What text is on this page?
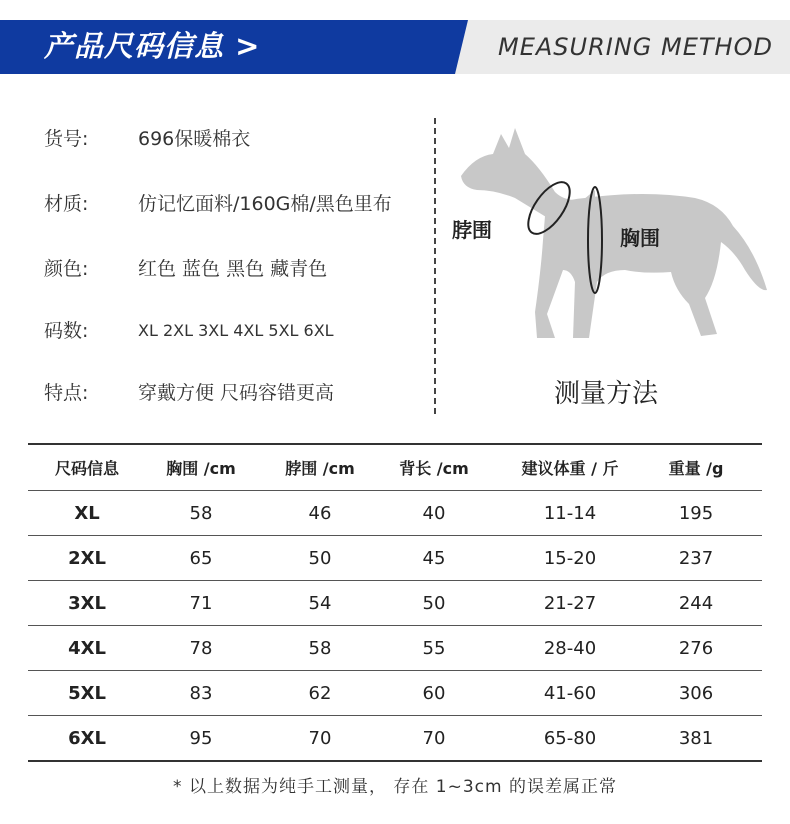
产品尺码信息 >	MEASURING METHOD
货号:	696保暖棉衣
材质:	仿记忆面料/160G棉/黑色里布
颜色:	红色 蓝色 黑色 藏青色
码数:	XL 2XL 3XL 4XL 5XL 6XL
特点:	穿戴方便 尺码容错更高
脖围	胸围
测量方法
尺码信息	胸围 /cm	脖围 /cm	背长 /cm	建议体重 / 斤	重量 /g
XL	58	46	40	11-14	195
2XL	65	50	45	15-20	237
3XL	71	54	50	21-27	244
4XL	78	58	55	28-40	276
5XL	83	62	60	41-60	306
6XL	95	70	70	65-80	381
* 以上数据为纯手工测量， 存在 1~3cm 的误差属正常
